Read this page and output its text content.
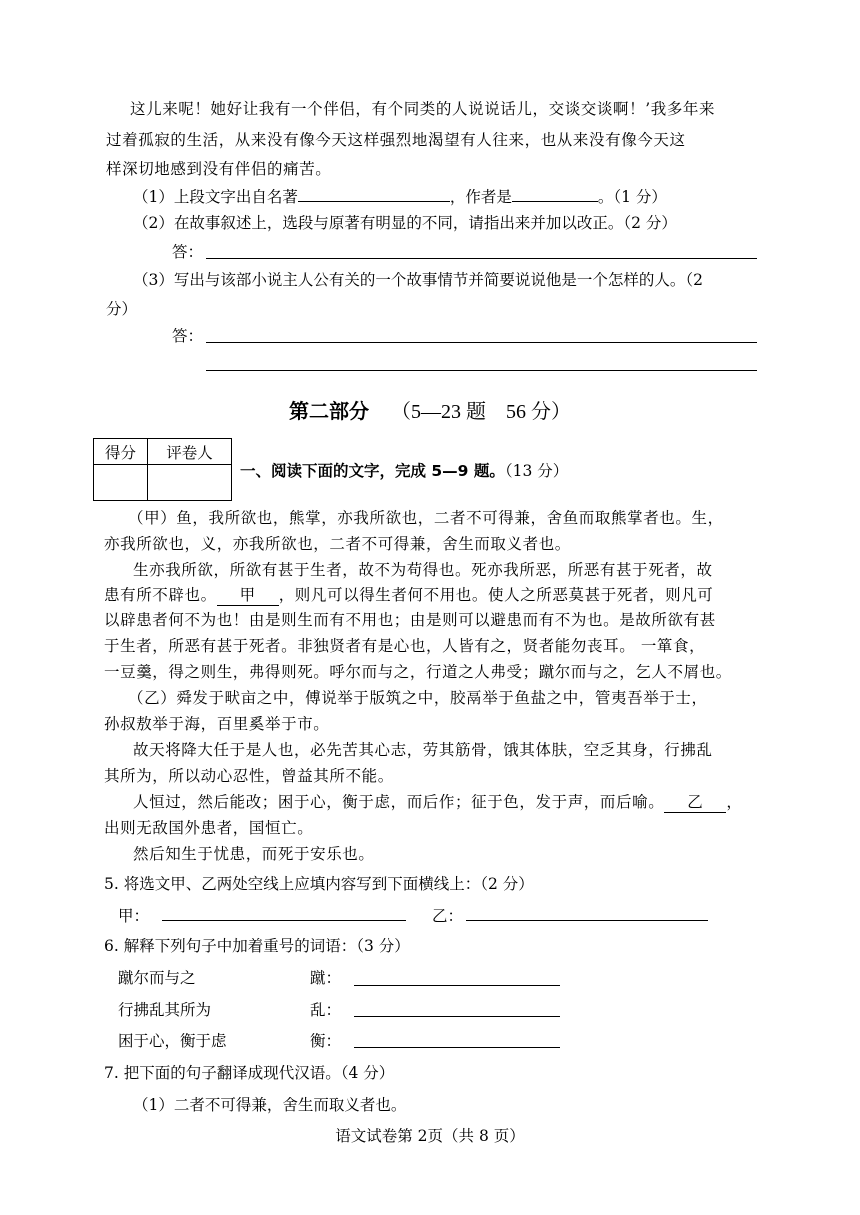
这儿来呢！她好让我有一个伴侣，有个同类的人说说话儿，交谈交谈啊！’我多年来
过着孤寂的生活，从来没有像今天这样强烈地渴望有人往来，也从来没有像今天这
样深切地感到没有伴侣的痛苦。
（1）上段文字出自名著	，作者是	。（1 分）
（2）在故事叙述上，选段与原著有明显的不同，请指出来并加以改正。（2 分）
答：
（3）写出与该部小说主人公有关的一个故事情节并简要说说他是一个怎样的人。（2
分）
答：
第二部分 （5—23 题　56 分）
得分	评卷人

一、阅读下面的文字，完成 5—9 题。（13 分）
（甲）鱼，我所欲也，熊掌，亦我所欲也，二者不可得兼，舍鱼而取熊掌者也。生，
亦我所欲也，义，亦我所欲也，二者不可得兼，舍生而取义者也。
生亦我所欲，所欲有甚于生者，故不为苟得也。死亦我所恶，所恶有甚于死者，故
患有所不辟也。 甲 ，则凡可以得生者何不用也。使人之所恶莫甚于死者，则凡可
以辟患者何不为也！由是则生而有不用也；由是则可以避患而有不为也。是故所欲有甚
于生者，所恶有甚于死者。非独贤者有是心也，人皆有之，贤者能勿丧耳。 一箪食，
一豆羹，得之则生，弗得则死。呼尔而与之，行道之人弗受；蹴尔而与之，乞人不屑也。
（乙）舜发于畎亩之中，傅说举于版筑之中，胶鬲举于鱼盐之中，管夷吾举于士，
孙叔敖举于海，百里奚举于市。
故天将降大任于是人也，必先苦其心志，劳其筋骨，饿其体肤，空乏其身，行拂乱
其所为，所以动心忍性，曾益其所不能。
人恒过，然后能改；困于心，衡于虑，而后作；征于色，发于声，而后喻。 乙 ，
出则无敌国外患者，国恒亡。
然后知生于忧患，而死于安乐也。
5. 将选文甲、乙两处空线上应填内容写到下面横线上：（2 分）
甲：	乙：
6. 解释下列句子中加着重号的词语：（3 分）
蹴尔而与之	蹴：
行拂乱其所为	乱：
困于心，衡于虑	衡：
7. 把下面的句子翻译成现代汉语。（4 分）
（1）二者不可得兼，舍生而取义者也。
语文试卷第 2页（共 8 页）
